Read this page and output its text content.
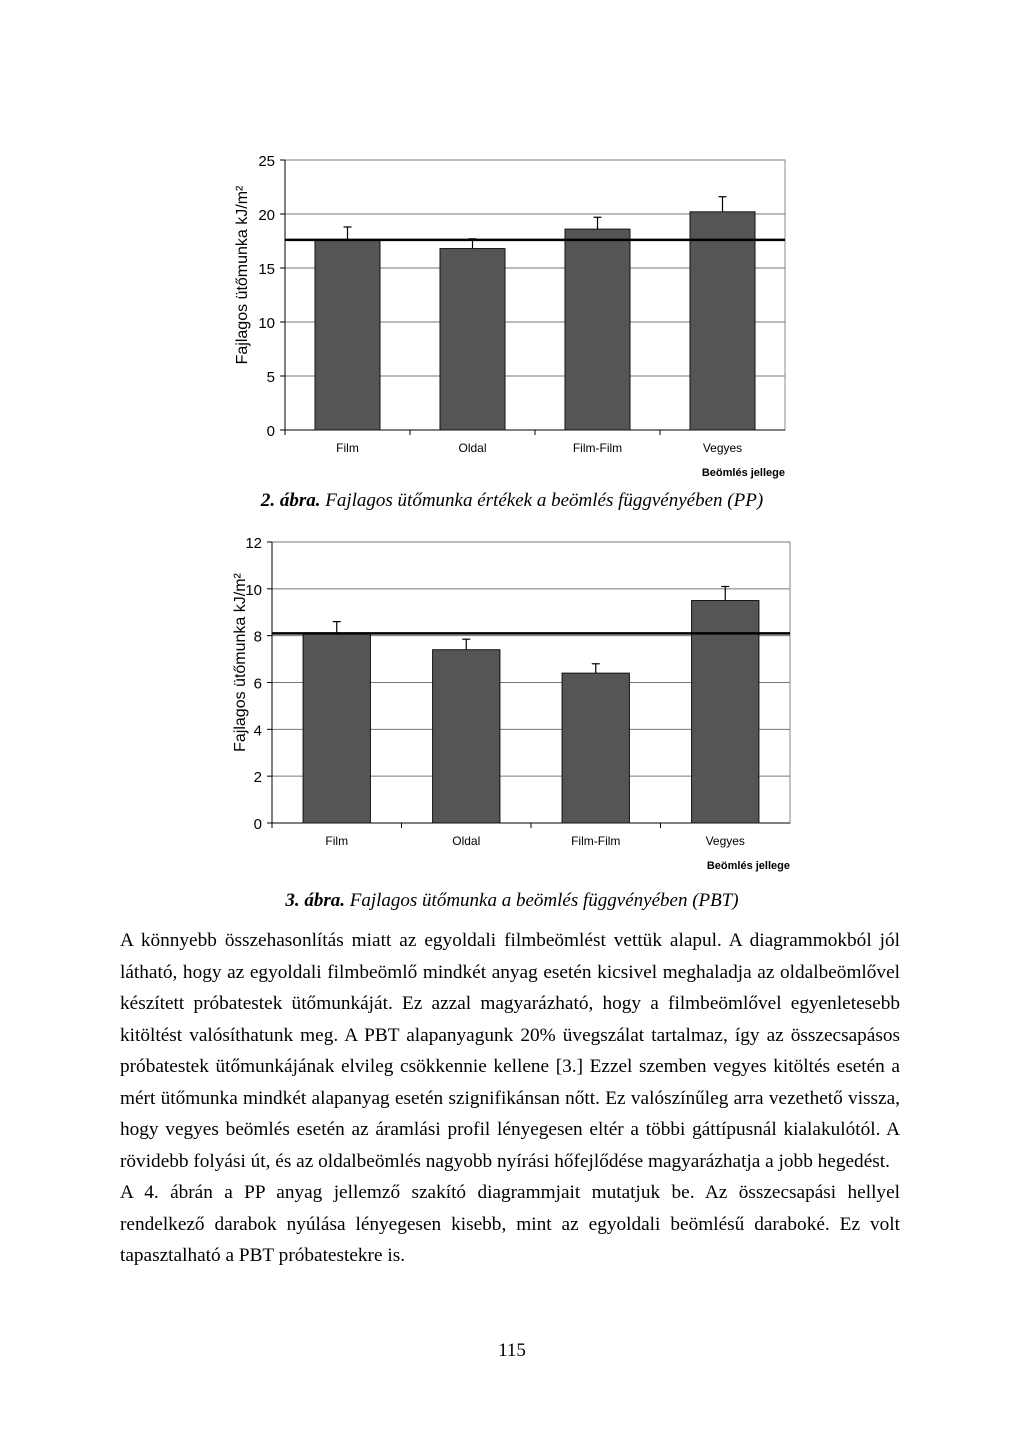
0
5
10
15
20
25
Film	Oldal	Film-Film	Vegyes
Beömlés jellege
Fajlagos ütőmunka kJ/m²
2. ábra. Fajlagos ütőmunka értékek a beömlés függvényében (PP)
0
2
4
6
8
10
12
Film	Oldal	Film-Film	Vegyes
Beömlés jellege
Fajlagos ütőmunka kJ/m²
3. ábra. Fajlagos ütőmunka a beömlés függvényében (PBT)

A könnyebb összehasonlítás miatt az egyoldali filmbeömlést vettük alapul. A diagrammokból jól látható, hogy az egyoldali filmbeömlő mindkét anyag esetén kicsivel meghaladja az oldalbeömlővel készített próbatestek ütőmunkáját. Ez azzal magyarázható, hogy a filmbeömlővel egyenletesebb kitöltést valósíthatunk meg. A PBT alapanyagunk 20% üvegszálat tartalmaz, így az összecsapásos próbatestek ütőmunkájának elvileg csökkennie kellene [3.] Ezzel szemben vegyes kitöltés esetén a mért ütőmunka mindkét alapanyag esetén szignifikánsan nőtt. Ez valószínűleg arra vezethető vissza, hogy vegyes beömlés esetén az áramlási profil lényegesen eltér a többi gáttípusnál kialakulótól. A rövidebb folyási út, és az oldalbeömlés nagyobb nyírási hőfejlődése magyarázhatja a jobb hegedést.

A 4. ábrán a PP anyag jellemző szakító diagrammjait mutatjuk be. Az összecsapási hellyel rendelkező darabok nyúlása lényegesen kisebb, mint az egyoldali beömlésű daraboké. Ez volt tapasztalható a PBT próbatestekre is.

115
